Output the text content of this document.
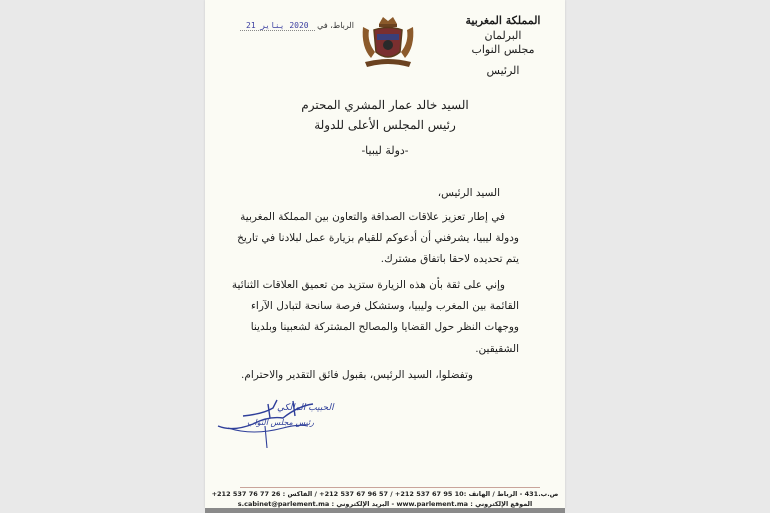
المملكة المغربية
البرلمان
مجلس النواب
الرئيس
الرباط، في 2020 يناير 21
السيد خالد عمار المشري المحترم
رئيس المجلس الأعلى للدولة
-دولة ليبيا-
السيد الرئيس،
في إطار تعزيز علاقات الصداقة والتعاون بين المملكة المغربية
ودولة ليبيا، يشرفني أن أدعوكم للقيام بزيارة عمل لبلادنا في تاريخ
يتم تحديده لاحقا باتفاق مشترك.
وإني على ثقة بأن هذه الزيارة ستزيد من تعميق العلاقات الثنائية
القائمة بين المغرب وليبيا، وستشكل فرصة سانحة لتبادل الآراء
ووجهات النظر حول القضايا والمصالح المشتركة لشعبينا وبلدينا
الشقيقين.
وتفضلوا، السيد الرئيس، بقبول فائق التقدير والاحترام.
الحبيب المالكي
رئيس مجلس النواب
ص.ب.431 - الرباط / الهاتف :10 95 67 537 212+ / 57 96 67 537 212+ / الفاكس : 26 77 76 537 212+
الموقع الإلكتروني : www.parlement.ma - البريد الإلكتروني : s.cabinet@parlement.ma
